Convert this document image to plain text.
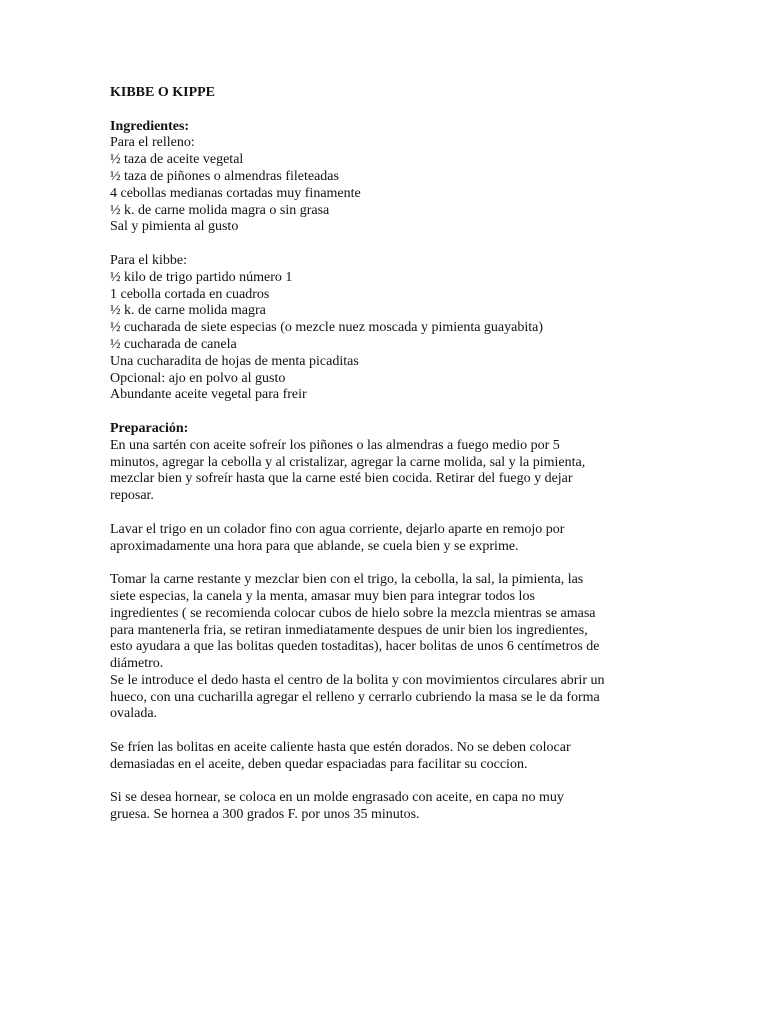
KIBBE O KIPPE

Ingredientes:

Para el relleno:

½ taza de aceite vegetal

½ taza de piñones o almendras fileteadas

4 cebollas medianas cortadas muy finamente

½ k. de carne molida magra o sin grasa

Sal y pimienta al gusto

Para el kibbe:

½ kilo de trigo partido número 1

1 cebolla cortada en cuadros

½ k. de carne molida magra

½ cucharada de siete especias (o mezcle nuez moscada y pimienta guayabita)

½ cucharada de canela

Una cucharadita de hojas de menta picaditas

Opcional: ajo en polvo al gusto

Abundante aceite vegetal para freir

Preparación:

En una sartén con aceite sofreír los piñones o las almendras a fuego medio por 5
minutos, agregar la cebolla y al cristalizar, agregar la carne molida, sal y la pimienta,
mezclar bien y sofreír hasta que la carne esté bien cocida. Retirar del fuego y dejar
reposar.

Lavar el trigo en un colador fino con agua corriente, dejarlo aparte en remojo por
aproximadamente una hora para que ablande, se cuela bien y se exprime.

Tomar la carne restante y mezclar bien con el trigo, la cebolla, la sal, la pimienta, las
siete especias, la canela y la menta, amasar muy bien para integrar todos los
ingredientes ( se recomienda colocar cubos de hielo sobre la mezcla mientras se amasa
para mantenerla fria, se retiran inmediatamente despues de unir bien los ingredientes,
esto ayudara a que las bolitas queden tostaditas), hacer bolitas de unos 6 centímetros de
diámetro.
Se le introduce el dedo hasta el centro de la bolita y con movimientos circulares abrir un
hueco, con una cucharilla agregar el relleno y cerrarlo cubriendo la masa se le da forma
ovalada.

Se fríen las bolitas en aceite caliente hasta que estén dorados. No se deben colocar
demasiadas en el aceite, deben quedar espaciadas para facilitar su coccion.

Si se desea hornear, se coloca en un molde engrasado con aceite, en capa no muy
gruesa. Se hornea a 300 grados F. por unos 35 minutos.
